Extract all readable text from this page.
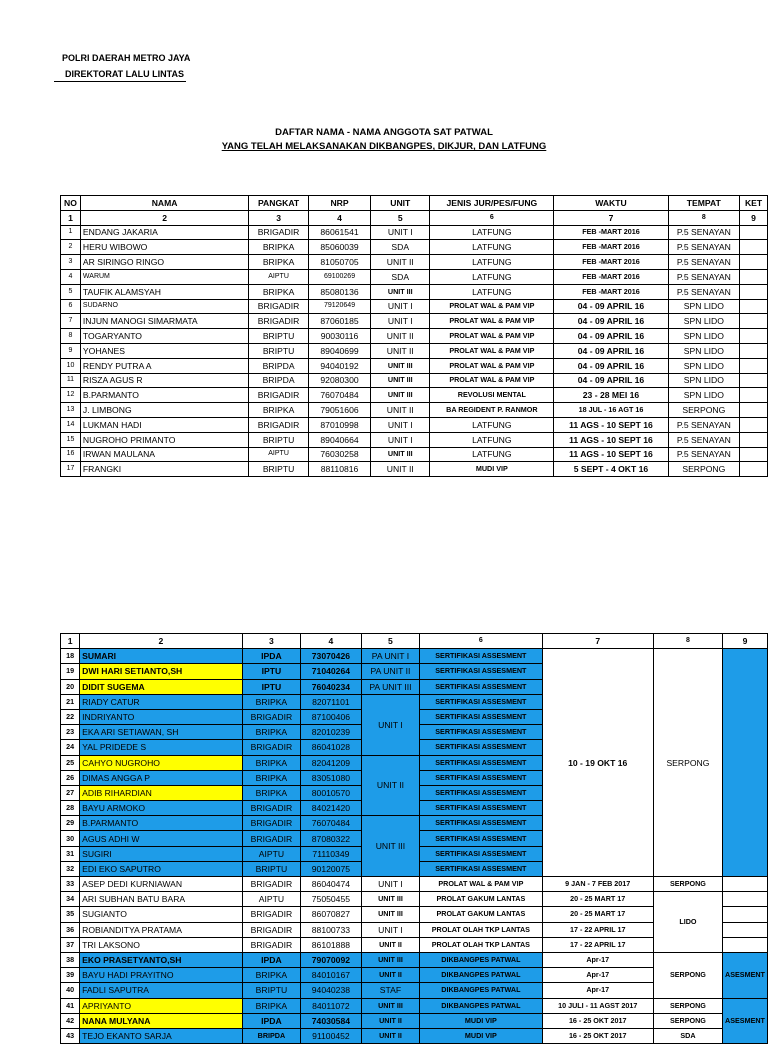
POLRI DAERAH METRO JAYA
DIREKTORAT LALU LINTAS
DAFTAR NAMA - NAMA ANGGOTA SAT PATWAL
YANG TELAH MELAKSANAKAN DIKBANGPES, DIKJUR, DAN LATFUNG
NO	NAMA	PANGKAT	NRP	UNIT	JENIS JUR/PES/FUNG	WAKTU	TEMPAT	KET
1	2	3	4	5	6	7	8	9
1	ENDANG JAKARIA	BRIGADIR	86061541	UNIT I	LATFUNG	FEB -MART 2016	P.5 SENAYAN	
2	HERU WIBOWO	BRIPKA	85060039	SDA	LATFUNG	FEB -MART 2016	P.5 SENAYAN	
3	AR SIRINGO RINGO	BRIPKA	81050705	UNIT II	LATFUNG	FEB -MART 2016	P.5 SENAYAN	
4	WARUM	AIPTU	69100269	SDA	LATFUNG	FEB -MART 2016	P.5 SENAYAN	
5	TAUFIK ALAMSYAH	BRIPKA	85080136	UNIT III	LATFUNG	FEB -MART 2016	P.5 SENAYAN	
6	SUDARNO	BRIGADIR	79120649	UNIT I	PROLAT WAL & PAM VIP	04 - 09 APRIL 16	SPN LIDO	
7	INJUN MANOGI SIMARMATA	BRIGADIR	87060185	UNIT I	PROLAT WAL & PAM VIP	04 - 09 APRIL 16	SPN LIDO	
8	TOGARYANTO	BRIPTU	90030116	UNIT II	PROLAT WAL & PAM VIP	04 - 09 APRIL 16	SPN LIDO	
9	YOHANES	BRIPTU	89040699	UNIT II	PROLAT WAL & PAM VIP	04 - 09 APRIL 16	SPN LIDO	
10	RENDY PUTRA A	BRIPDA	94040192	UNIT III	PROLAT WAL & PAM VIP	04 - 09 APRIL 16	SPN LIDO	
11	RISZA AGUS R	BRIPDA	92080300	UNIT III	PROLAT WAL & PAM VIP	04 - 09 APRIL 16	SPN LIDO	
12	B.PARMANTO	BRIGADIR	76070484	UNIT III	REVOLUSI MENTAL	23 - 28 MEI 16	SPN LIDO	
13	J. LIMBONG	BRIPKA	79051606	UNIT II	BA REGIDENT P. RANMOR	18 JUL - 16 AGT 16	SERPONG	
14	LUKMAN HADI	BRIGADIR	87010998	UNIT I	LATFUNG	11 AGS - 10 SEPT 16	P.5 SENAYAN	
15	NUGROHO PRIMANTO	BRIPTU	89040664	UNIT I	LATFUNG	11 AGS - 10 SEPT 16	P.5 SENAYAN	
16	IRWAN MAULANA	AIPTU	76030258	UNIT III	LATFUNG	11 AGS - 10 SEPT 16	P.5 SENAYAN	
17	FRANGKI	BRIPTU	88110816	UNIT II	MUDI VIP	5 SEPT - 4 OKT 16	SERPONG	
1	2	3	4	5	6	7	8	9
18	SUMARI	IPDA	73070426	PA UNIT I	SERTIFIKASI ASSESMENT	10 - 19 OKT 16	SERPONG	
19	DWI HARI SETIANTO,SH	IPTU	71040264	PA UNIT II	SERTIFIKASI ASSESMENT			
20	DIDIT SUGEMA	IPTU	76040234	PA UNIT III	SERTIFIKASI ASSESMENT			
21	RIADY CATUR	BRIPKA	82071101	UNIT I	SERTIFIKASI ASSESMENT			
22	INDRIYANTO	BRIGADIR	87100406		SERTIFIKASI ASSESMENT			
23	EKA ARI SETIAWAN, SH	BRIPKA	82010239		SERTIFIKASI ASSESMENT			
24	YAL PRIDEDE S	BRIGADIR	86041028		SERTIFIKASI ASSESMENT			
25	CAHYO NUGROHO	BRIPKA	82041209	UNIT II	SERTIFIKASI ASSESMENT			
26	DIMAS ANGGA P	BRIPKA	83051080		SERTIFIKASI ASSESMENT			
27	ADIB RIHARDIAN	BRIPKA	80010570		SERTIFIKASI ASSESMENT			
28	BAYU ARMOKO	BRIGADIR	84021420		SERTIFIKASI ASSESMENT			
29	B.PARMANTO	BRIGADIR	76070484	UNIT III	SERTIFIKASI ASSESMENT			
30	AGUS ADHI W	BRIGADIR	87080322		SERTIFIKASI ASSESMENT			
31	SUGIRI	AIPTU	71110349		SERTIFIKASI ASSESMENT			
32	EDI EKO SAPUTRO	BRIPTU	90120075		SERTIFIKASI ASSESMENT			
33	ASEP DEDI KURNIAWAN	BRIGADIR	86040474	UNIT I	PROLAT WAL & PAM VIP	9 JAN - 7 FEB 2017	SERPONG	
34	ARI SUBHAN BATU BARA	AIPTU	75050455	UNIT III	PROLAT GAKUM LANTAS	20 - 25 MART 17	LIDO	
35	SUGIANTO	BRIGADIR	86070827	UNIT III	PROLAT GAKUM LANTAS	20 - 25 MART 17		
36	ROBIANDITYA PRATAMA	BRIGADIR	88100733	UNIT I	PROLAT OLAH TKP LANTAS	17 - 22 APRIL 17		
37	TRI LAKSONO	BRIGADIR	86101888	UNIT II	PROLAT OLAH TKP LANTAS	17 - 22 APRIL 17		
38	EKO PRASETYANTO,SH	IPDA	79070092	UNIT III	DIKBANGPES PATWAL	Apr-17	SERPONG	ASESMENT
39	BAYU HADI PRAYITNO	BRIPKA	84010167	UNIT II	DIKBANGPES PATWAL	Apr-17		
40	FADLI SAPUTRA	BRIPTU	94040238	STAF	DIKBANGPES PATWAL	Apr-17		
41	APRIYANTO	BRIPKA	84011072	UNIT III	DIKBANGPES PATWAL	10 JULI - 11 AGST 2017	SERPONG	ASESMENT
42	NANA MULYANA	IPDA	74030584	UNIT II	MUDI VIP	16 - 25 OKT 2017	SERPONG	
43	TEJO EKANTO SARJA	BRIPDA	91100452	UNIT II	MUDI VIP	16 - 25 OKT 2017	SDA	
